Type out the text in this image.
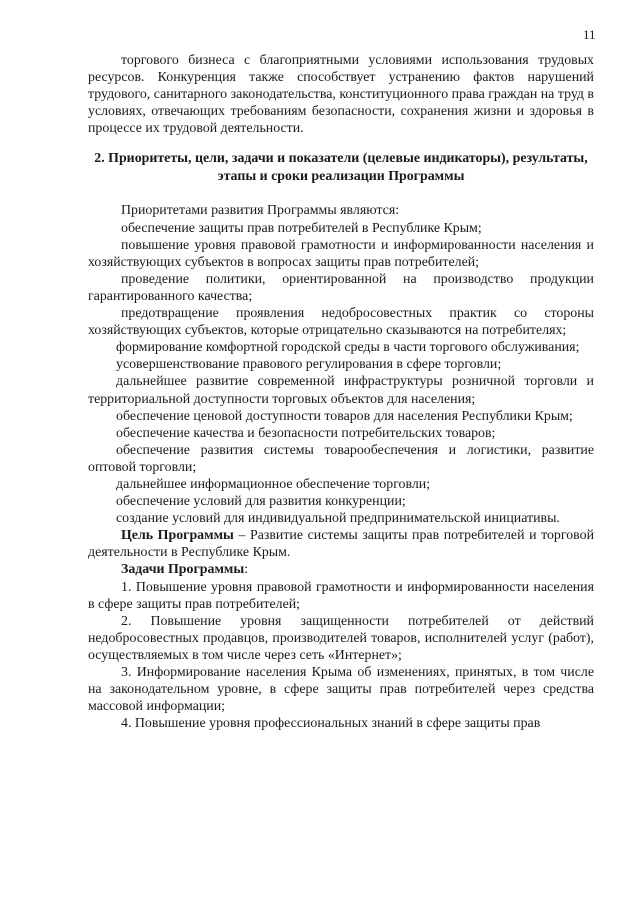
11

торгового бизнеса с благоприятными условиями использования трудовых ресурсов. Конкуренция также способствует устранению фактов нарушений трудового, санитарного законодательства, конституционного права граждан на труд в условиях, отвечающих требованиям безопасности, сохранения жизни и здоровья в процессе их трудовой деятельности.

2. Приоритеты, цели, задачи и показатели (целевые индикаторы), результаты, этапы и сроки реализации Программы

Приоритетами развития Программы являются:

обеспечение защиты прав потребителей в Республике Крым;

повышение уровня правовой грамотности и информированности населения и хозяйствующих субъектов в вопросах защиты прав потребителей;

проведение политики, ориентированной на производство продукции гарантированного качества;

предотвращение проявления недобросовестных практик со стороны хозяйствующих субъектов, которые отрицательно сказываются на потребителях;

формирование комфортной городской среды в части торгового обслуживания;

усовершенствование правового регулирования в сфере торговли;

дальнейшее развитие современной инфраструктуры розничной торговли и территориальной доступности торговых объектов для населения;

обеспечение ценовой доступности товаров для населения Республики Крым;

обеспечение качества и безопасности потребительских товаров;

обеспечение развития системы товарообеспечения и логистики, развитие оптовой торговли;

дальнейшее информационное обеспечение торговли;

обеспечение условий для развития конкуренции;

создание условий для индивидуальной предпринимательской инициативы.

Цель Программы – Развитие системы защиты прав потребителей и торговой деятельности в Республике Крым.

Задачи Программы:

1. Повышение уровня правовой грамотности и информированности населения в сфере защиты прав потребителей;

2. Повышение уровня защищенности потребителей от действий недобросовестных продавцов, производителей товаров, исполнителей услуг (работ), осуществляемых в том числе через сеть «Интернет»;

3. Информирование населения Крыма об изменениях, принятых, в том числе на законодательном уровне, в сфере защиты прав потребителей через средства массовой информации;

4. Повышение уровня профессиональных знаний в сфере защиты прав
